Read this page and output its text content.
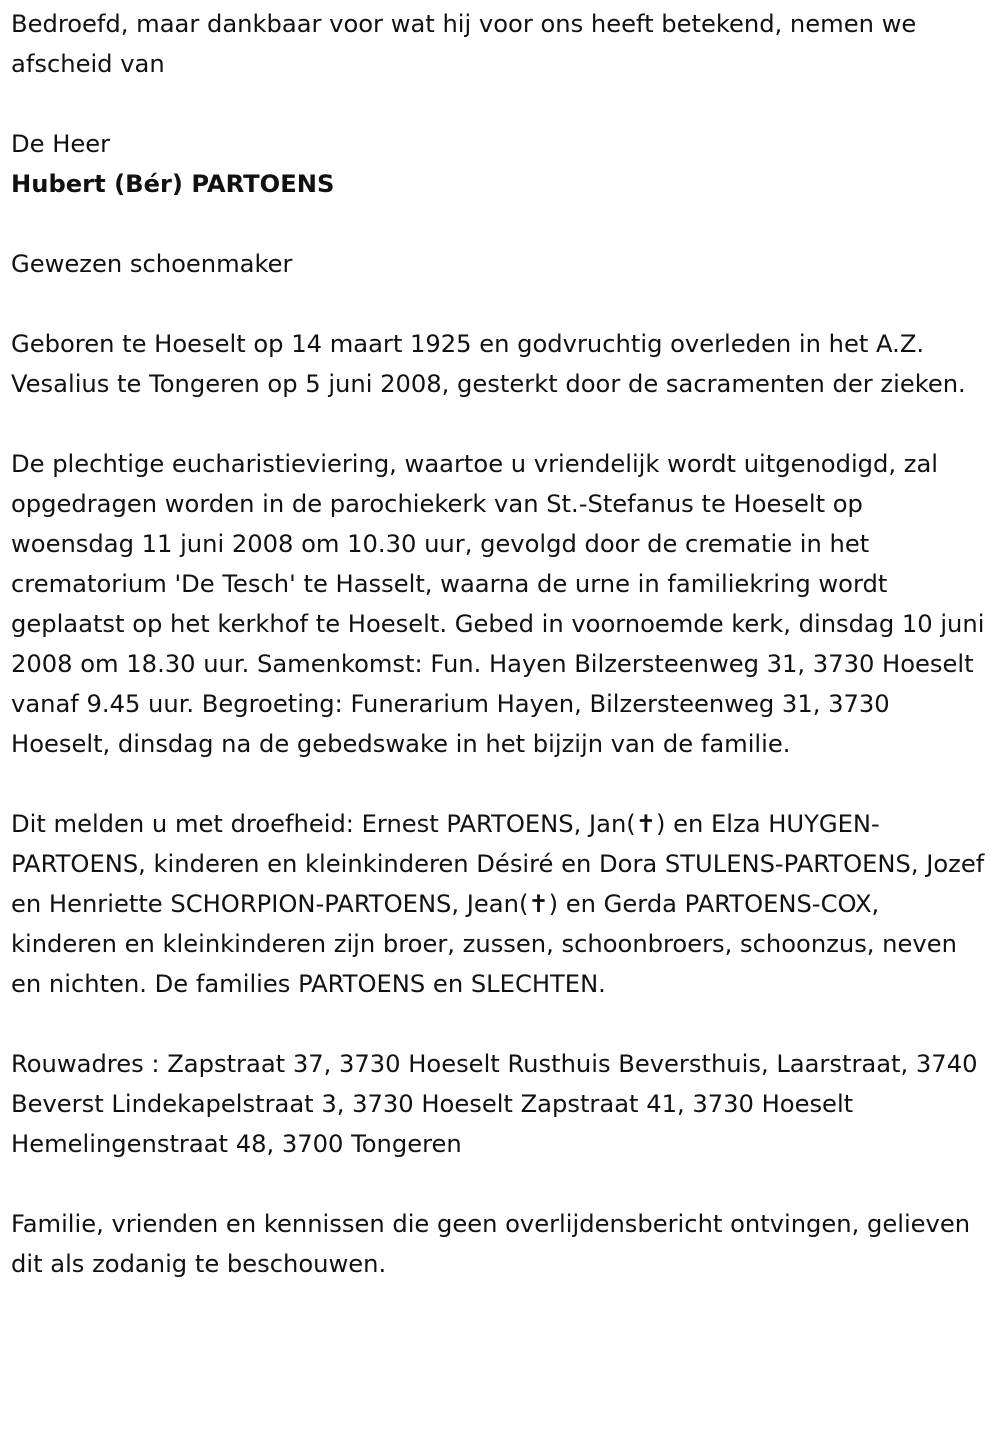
Bedroefd, maar dankbaar voor wat hij voor ons heeft betekend, nemen we afscheid van

De Heer

Hubert (Bér) PARTOENS

Gewezen schoenmaker

Geboren te Hoeselt op 14 maart 1925 en godvruchtig overleden in het A.Z. Vesalius te Tongeren op 5 juni 2008, gesterkt door de sacramenten der zieken.

De plechtige eucharistieviering, waartoe u vriendelijk wordt uitgenodigd, zal opgedragen worden in de parochiekerk van St.-Stefanus te Hoeselt op woensdag 11 juni 2008 om 10.30 uur, gevolgd door de crematie in het crematorium 'De Tesch' te Hasselt, waarna de urne in familiekring wordt geplaatst op het kerkhof te Hoeselt. Gebed in voornoemde kerk, dinsdag 10 juni 2008 om 18.30 uur. Samenkomst: Fun. Hayen Bilzersteenweg 31, 3730 Hoeselt vanaf 9.45 uur. Begroeting: Funerarium Hayen, Bilzersteenweg 31, 3730 Hoeselt, dinsdag na de gebedswake in het bijzijn van de familie.

Dit melden u met droefheid: Ernest PARTOENS, Jan(✝) en Elza HUYGEN-PARTOENS, kinderen en kleinkinderen Désiré en Dora STULENS-PARTOENS, Jozef en Henriette SCHORPION-PARTOENS, Jean(✝) en Gerda PARTOENS-COX, kinderen en kleinkinderen zijn broer, zussen, schoonbroers, schoonzus, neven en nichten. De families PARTOENS en SLECHTEN.

Rouwadres : Zapstraat 37, 3730 Hoeselt Rusthuis Beversthuis, Laarstraat, 3740 Beverst Lindekapelstraat 3, 3730 Hoeselt Zapstraat 41, 3730 Hoeselt Hemelingenstraat 48, 3700 Tongeren

Familie, vrienden en kennissen die geen overlijdensbericht ontvingen, gelieven dit als zodanig te beschouwen.
